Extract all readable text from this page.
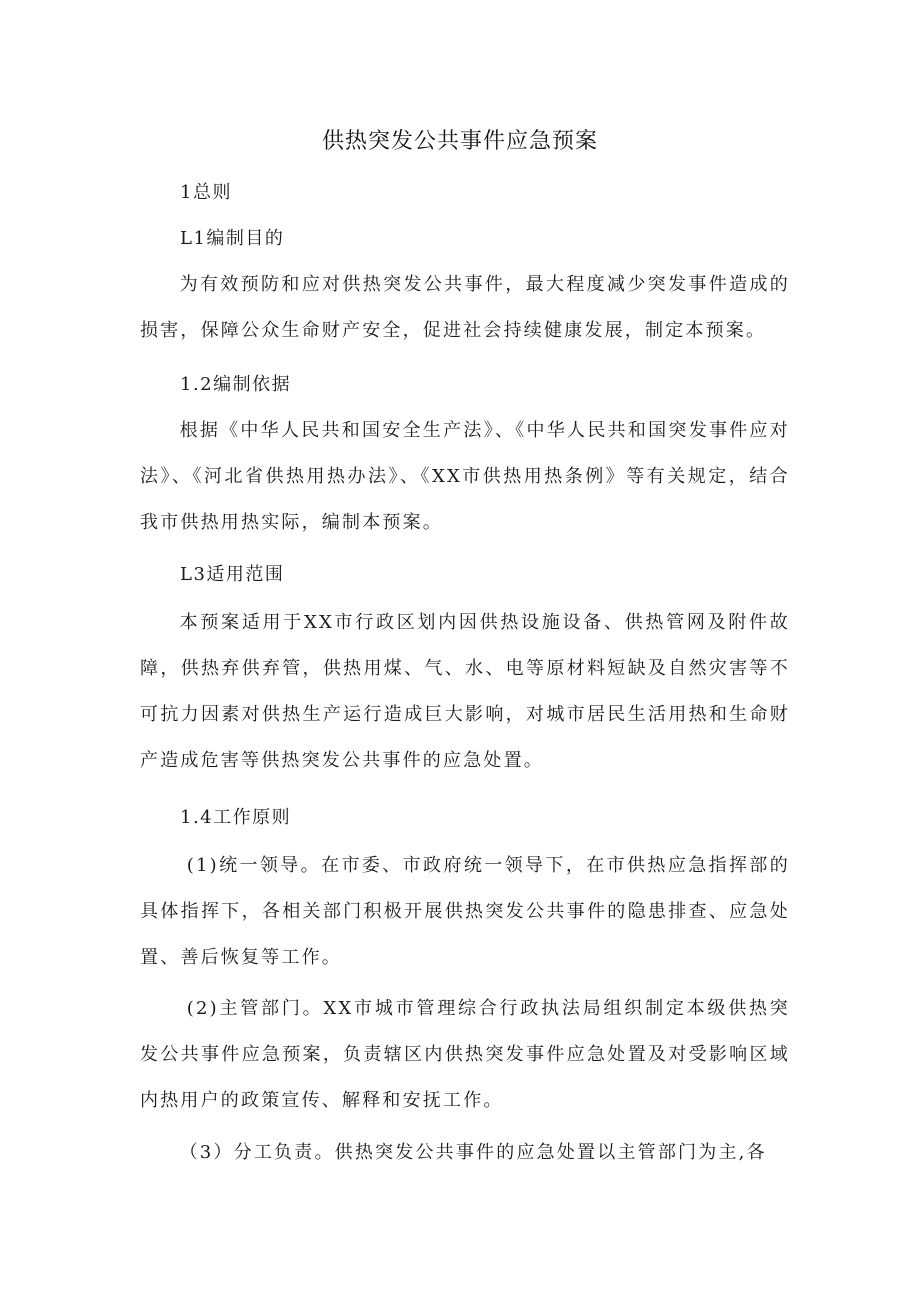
供热突发公共事件应急预案

1总则

L1编制目的

为有效预防和应对供热突发公共事件，最大程度减少突发事件造成的损害，保障公众生命财产安全，促进社会持续健康发展，制定本预案。

1.2编制依据

根据《中华人民共和国安全生产法》、《中华人民共和国突发事件应对法》、《河北省供热用热办法》、《XX市供热用热条例》等有关规定，结合我市供热用热实际，编制本预案。

L3适用范围

本预案适用于XX市行政区划内因供热设施设备、供热管网及附件故障，供热弃供弃管，供热用煤、气、水、电等原材料短缺及自然灾害等不可抗力因素对供热生产运行造成巨大影响，对城市居民生活用热和生命财产造成危害等供热突发公共事件的应急处置。

1.4工作原则

(1)统一领导。在市委、市政府统一领导下，在市供热应急指挥部的具体指挥下，各相关部门积极开展供热突发公共事件的隐患排查、应急处置、善后恢复等工作。

(2)主管部门。XX市城市管理综合行政执法局组织制定本级供热突发公共事件应急预案，负责辖区内供热突发事件应急处置及对受影响区域内热用户的政策宣传、解释和安抚工作。

（3）分工负责。供热突发公共事件的应急处置以主管部门为主,各
